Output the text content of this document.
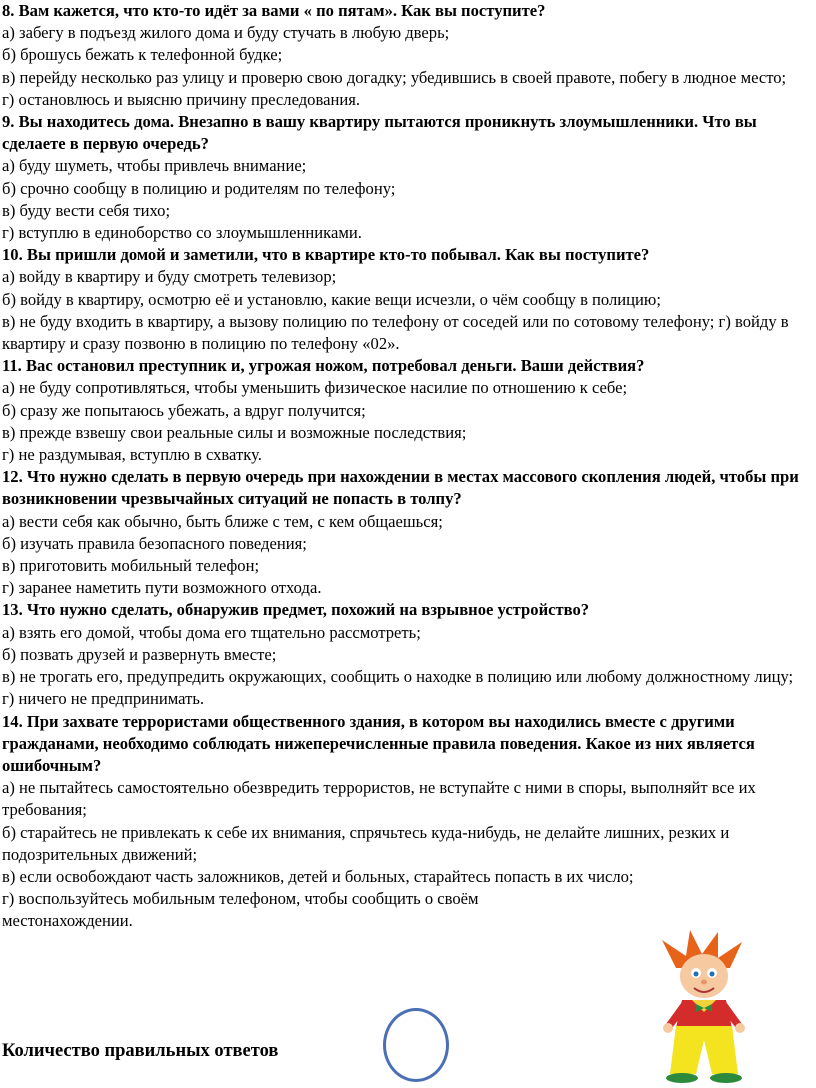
8. Вам кажется, что кто-то идёт за вами « по пятам». Как вы поступите?
а) забегу в подъезд жилого дома и буду стучать в любую дверь;
б) брошусь бежать к телефонной будке;
в) перейду несколько раз улицу и проверю свою догадку; убедившись в своей правоте, побегу в людное место;
г) остановлюсь и выясню причину преследования.
9. Вы находитесь дома. Внезапно в вашу квартиру пытаются проникнуть злоумышленники. Что вы сделаете в первую очередь?
а) буду шуметь, чтобы привлечь внимание;
б) срочно сообщу в полицию и родителям по телефону;
в) буду вести себя тихо;
г) вступлю в единоборство со злоумышленниками.
10. Вы пришли домой и заметили, что в квартире кто-то побывал. Как вы поступите?
а) войду в квартиру и буду смотреть телевизор;
б) войду в квартиру, осмотрю её и установлю, какие вещи исчезли, о чём сообщу в полицию;
в) не буду входить в квартиру, а вызову полицию по телефону от соседей или по сотовому телефону; г) войду в квартиру и сразу позвоню в полицию по телефону «02».
11. Вас остановил преступник и, угрожая ножом, потребовал деньги. Ваши действия?
а) не буду сопротивляться, чтобы уменьшить физическое насилие по отношению к себе;
б) сразу же попытаюсь убежать, а вдруг получится;
в) прежде взвешу свои реальные силы и возможные последствия;
г) не раздумывая, вступлю в схватку.
12. Что нужно сделать в первую очередь при нахождении в местах массового скопления людей, чтобы при возникновении чрезвычайных ситуаций не попасть в толпу?
а) вести себя как обычно, быть ближе с тем, с кем общаешься;
б) изучать правила безопасного поведения;
в) приготовить мобильный телефон;
г) заранее наметить пути возможного отхода.
13. Что нужно сделать, обнаружив предмет, похожий на взрывное устройство?
а) взять его домой, чтобы дома его тщательно рассмотреть;
б) позвать друзей и развернуть вместе;
в) не трогать его, предупредить окружающих, сообщить о находке в полицию или любому должностному лицу;
г) ничего не предпринимать.
14. При захвате террористами общественного здания, в котором вы находились вместе с другими гражданами, необходимо соблюдать нижеперечисленные правила поведения. Какое из них является ошибочным?
а) не пытайтесь самостоятельно обезвредить террористов, не вступайте с ними в споры, выполняйт все их требования;
б) старайтесь не привлекать к себе их внимания, спрячьтесь куда-нибудь, не делайте лишних, резких и подозрительных движений;
в) если освобождают часть заложников, детей и больных, старайтесь попасть в их число;
г) воспользуйтесь мобильным телефоном, чтобы сообщить о своём
местонахождении.
Количество правильных ответов
